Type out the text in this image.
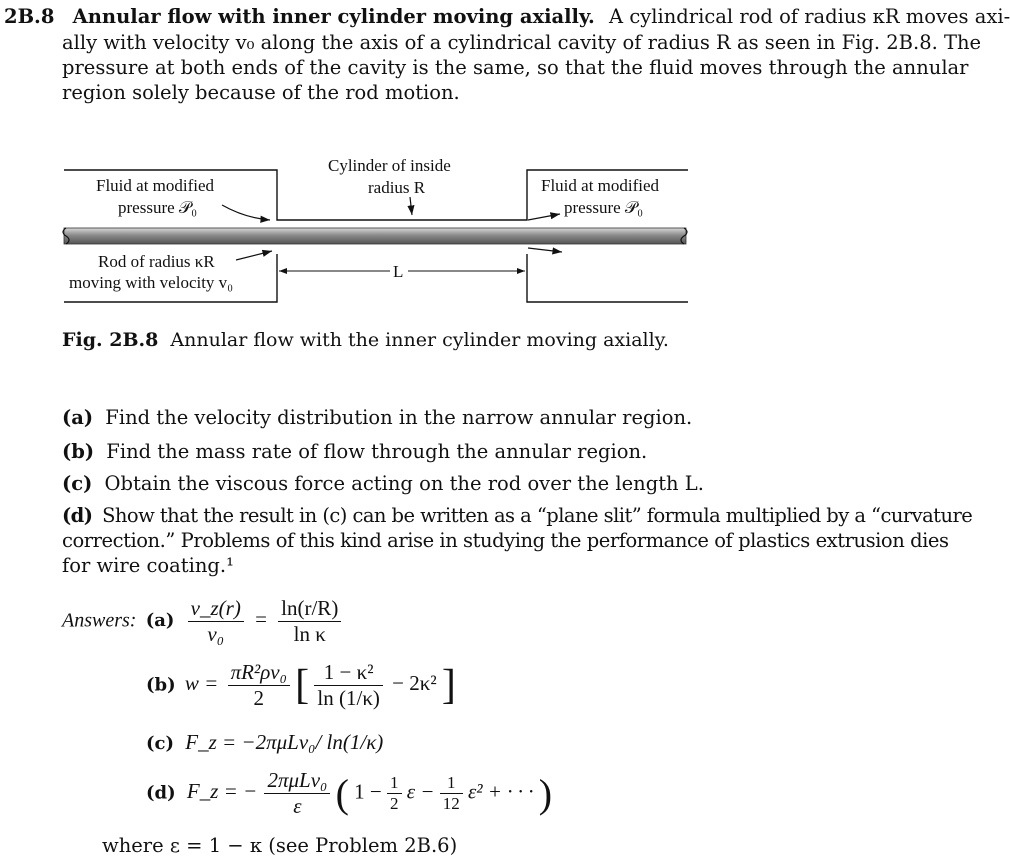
2B.8 Annular flow with inner cylinder moving axially. A cylindrical rod of radius κR moves axi-
ally with velocity v₀ along the axis of a cylindrical cavity of radius R as seen in Fig. 2B.8. The
pressure at both ends of the cavity is the same, so that the fluid moves through the annular
region solely because of the rod motion.
Fluid at modified
pressure 𝒫₀
Cylinder of inside
radius R	Fluid at modified
pressure 𝒫₀
Rod of radius κR
moving with velocity v₀
L
Fig. 2B.8 Annular flow with the inner cylinder moving axially.
(a) Find the velocity distribution in the narrow annular region.
(b) Find the mass rate of flow through the annular region.
(c) Obtain the viscous force acting on the rod over the length L.
(d) Show that the result in (c) can be written as a “plane slit” formula multiplied by a “curvature
correction.” Problems of this kind arise in studying the performance of plastics extrusion dies
for wire coating.¹
Answers: $(a) \frac{v\_z(r)}{\text{v₀}} = \frac{\ln(r/R)}{\text{ln κ}}$
(b) $w = \frac{\text{πR²ρv₀}}{2}$ [ $\frac{\text{1 − κ²}}{\ln (1/\kappa)} - 2\kappa^2$ ]
(c) F_z = −2πμLv₀/ ln(1/κ)
(d) F_z = − $\frac{\text{2πμLv₀}}{\varepsilon}$ ( $1 - \frac{1}{2}$ $\varepsilon - \frac{1}{12} \varepsilon^2$ + · · · )
where ε = 1 − κ (see Problem 2B.6)
